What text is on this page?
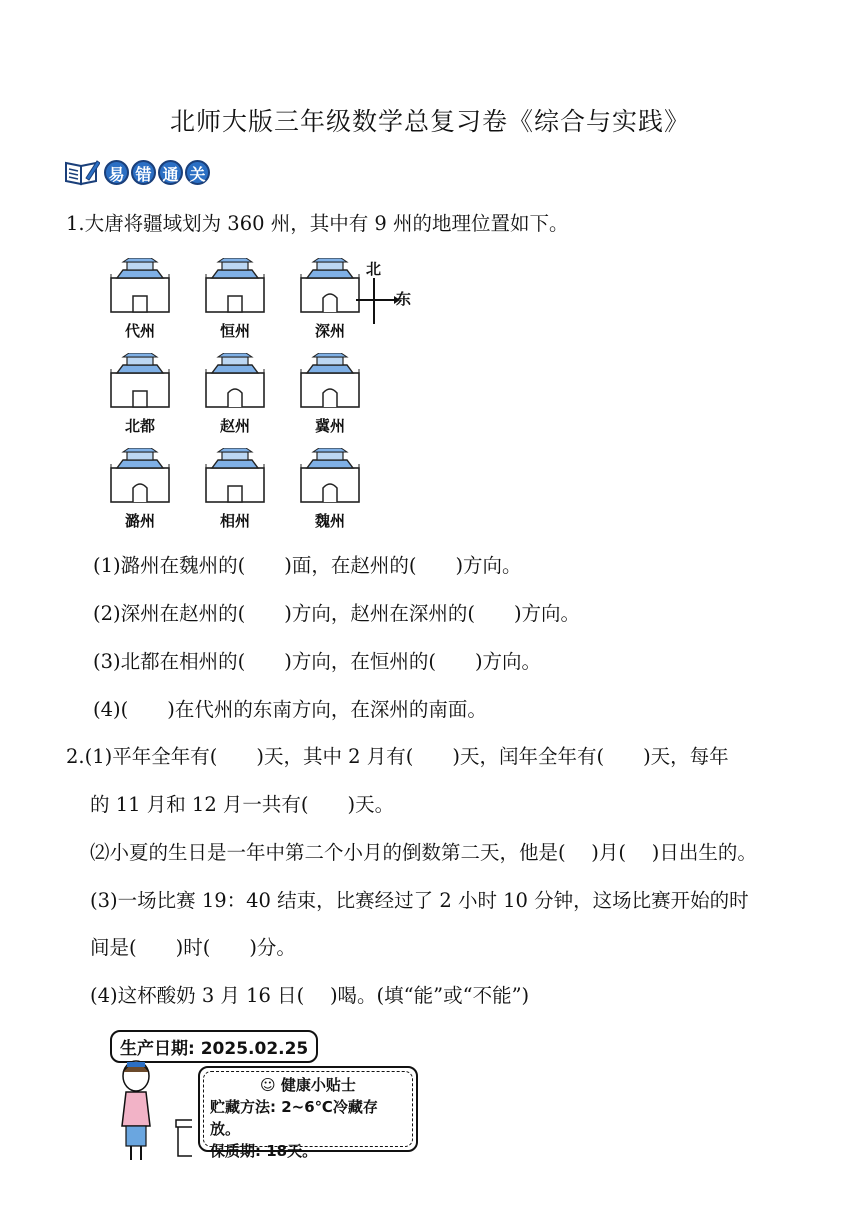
北师大版三年级数学总复习卷《综合与实践》
易 错 通 关
1.大唐将疆域划为 360 州，其中有 9 州的地理位置如下。
代州	恒州	深州
北都	赵州	冀州
潞州	相州	魏州
北
东
(1)潞州在魏州的(　　)面，在赵州的(　　)方向。
(2)深州在赵州的(　　)方向，赵州在深州的(　　)方向。
(3)北都在相州的(　　)方向，在恒州的(　　)方向。
(4)(　　)在代州的东南方向，在深州的南面。
2.(1)平年全年有(　　)天，其中 2 月有(　　)天，闰年全年有(　　)天，每年
的 11 月和 12 月一共有(　　)天。
⑵小夏的生日是一年中第二个小月的倒数第二天，他是(　 )月(　 )日出生的。
(3)一场比赛 19：40 结束，比赛经过了 2 小时 10 分钟，这场比赛开始的时
间是(　　)时(　　)分。
(4)这杯酸奶 3 月 16 日(　 )喝。(填“能”或“不能”)
生产日期: 2025.02.25
☺ 健康小贴士
贮藏方法: 2~6℃冷藏存放。
保质期: 18天。
